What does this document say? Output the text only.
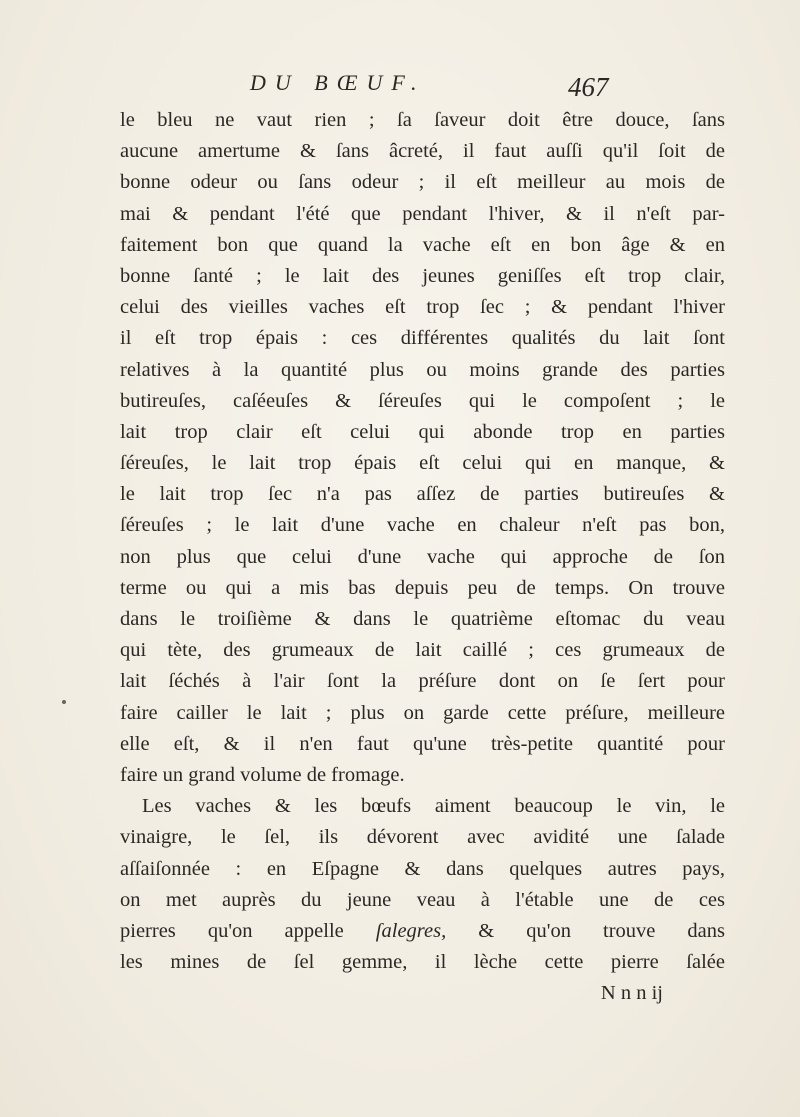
DU BŒUF.	467
le bleu ne vaut rien ; ſa ſaveur doit être douce, ſans
aucune amertume & ſans âcreté, il faut auſſi qu'il ſoit de
bonne odeur ou ſans odeur ; il eſt meilleur au mois de
mai & pendant l'été que pendant l'hiver, & il n'eſt par-
faitement bon que quand la vache eſt en bon âge & en
bonne ſanté ; le lait des jeunes geniſſes eſt trop clair,
celui des vieilles vaches eſt trop ſec ; & pendant l'hiver
il eſt trop épais : ces différentes qualités du lait ſont
relatives à la quantité plus ou moins grande des parties
butireuſes, caſéeuſes & ſéreuſes qui le compoſent ; le
lait trop clair eſt celui qui abonde trop en parties
ſéreuſes, le lait trop épais eſt celui qui en manque, &
le lait trop ſec n'a pas aſſez de parties butireuſes &
ſéreuſes ; le lait d'une vache en chaleur n'eſt pas bon,
non plus que celui d'une vache qui approche de ſon
terme ou qui a mis bas depuis peu de temps. On trouve
dans le troiſième & dans le quatrième eſtomac du veau
qui tète, des grumeaux de lait caillé ; ces grumeaux de
lait ſéchés à l'air ſont la préſure dont on ſe ſert pour
faire cailler le lait ; plus on garde cette préſure, meilleure
elle eſt, & il n'en faut qu'une très-petite quantité pour
faire un grand volume de fromage.
Les vaches & les bœufs aiment beaucoup le vin, le
vinaigre, le ſel, ils dévorent avec avidité une ſalade
aſſaiſonnée : en Eſpagne & dans quelques autres pays,
on met auprès du jeune veau à l'étable une de ces
pierres qu'on appelle ſalegres, & qu'on trouve dans
les mines de ſel gemme, il lèche cette pierre ſalée
N n n ij
